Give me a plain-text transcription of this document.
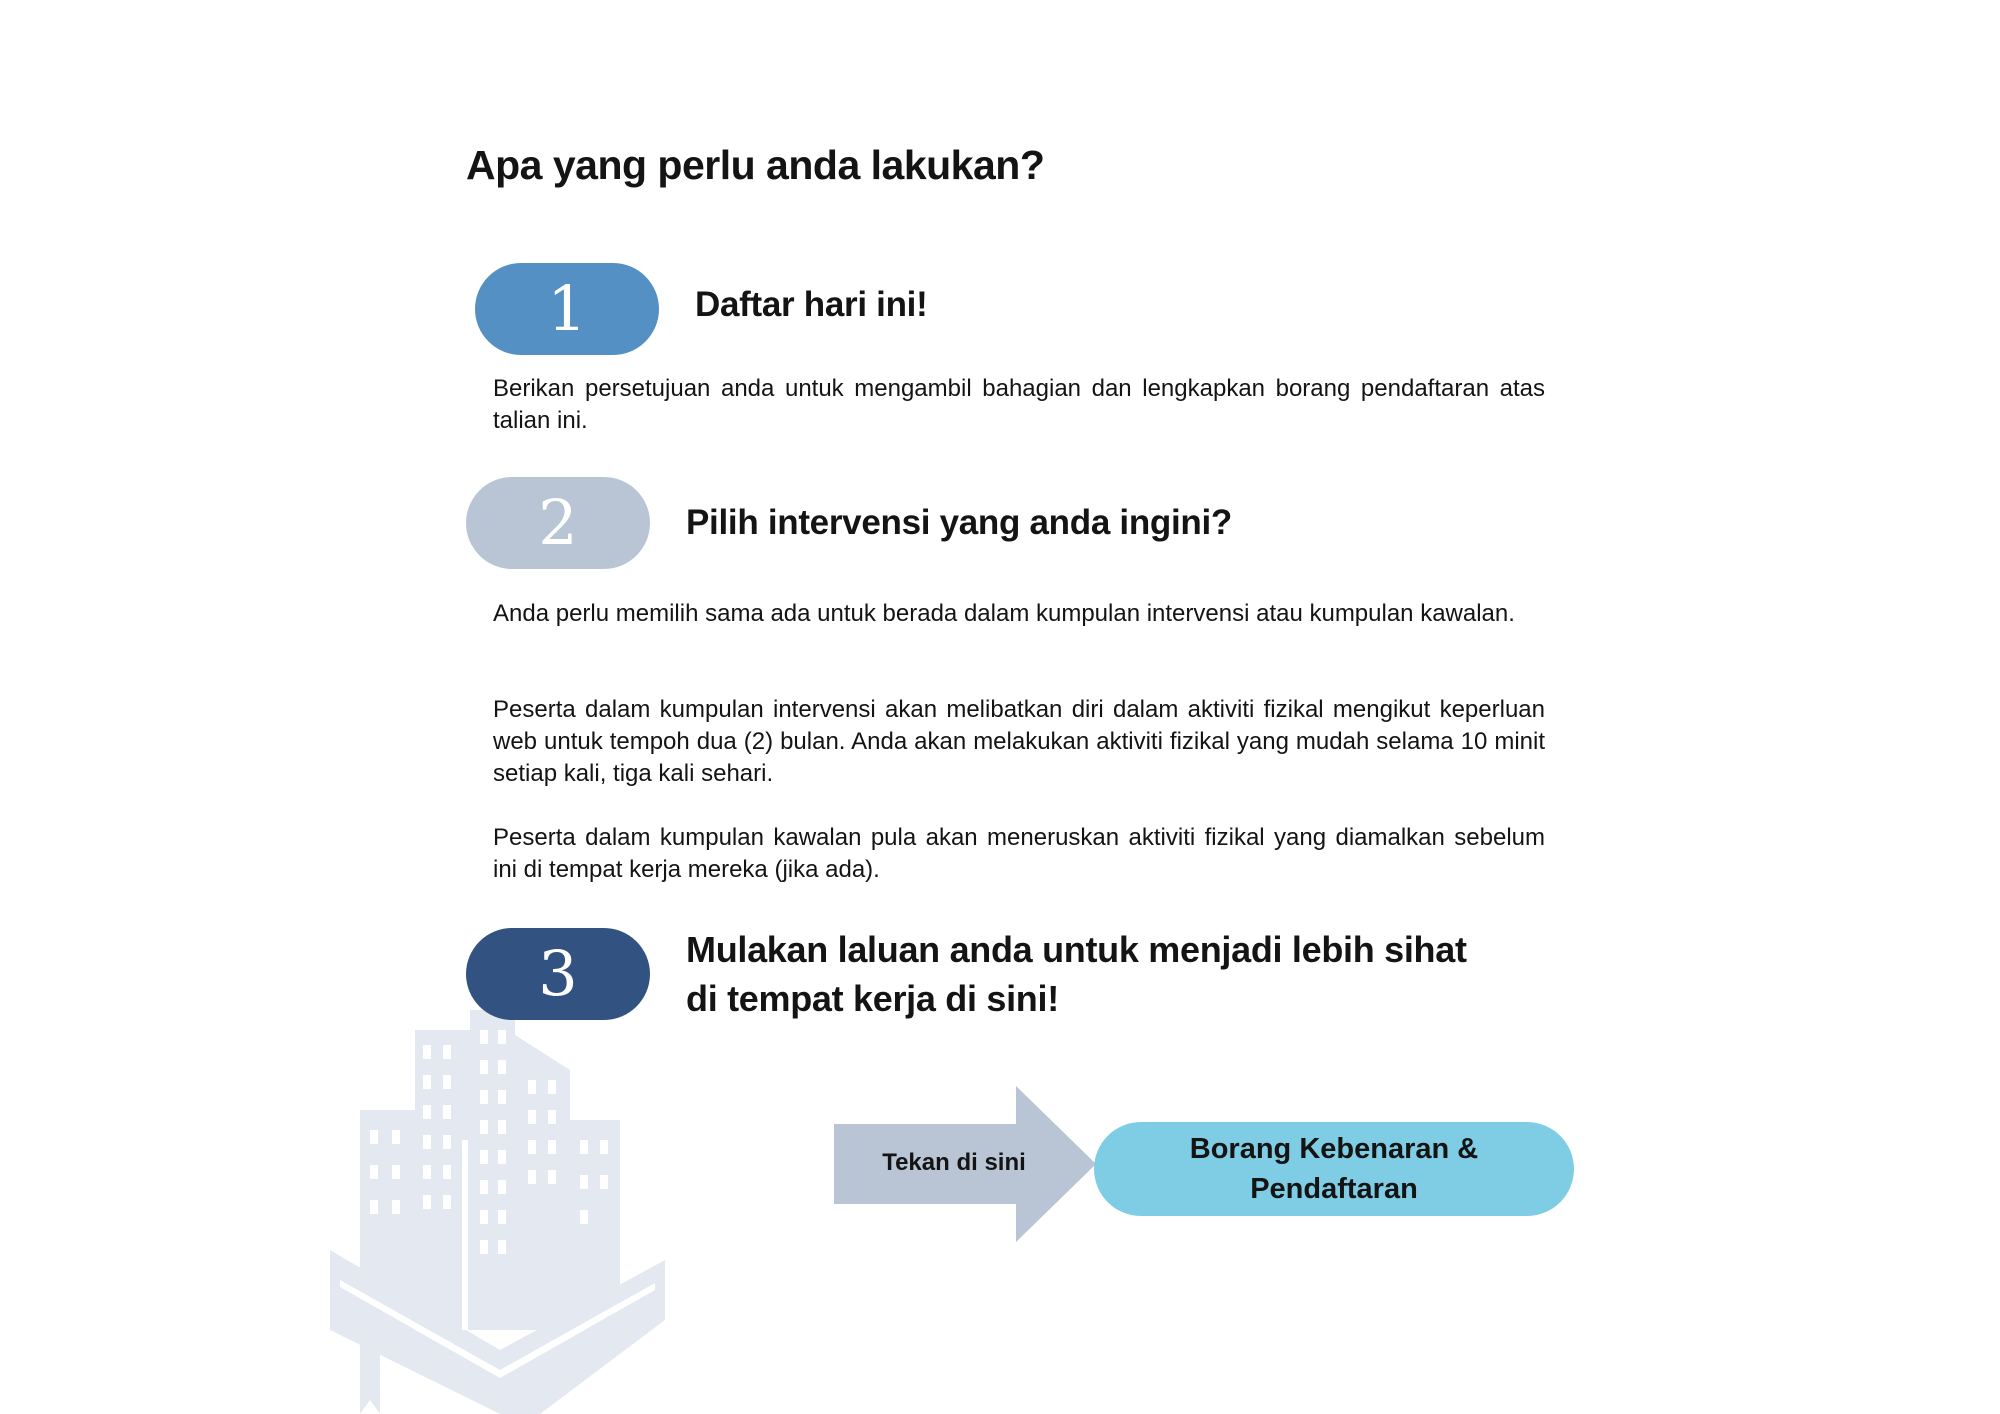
Apa yang perlu anda lakukan?
1	Daftar hari ini!

Berikan persetujuan anda untuk mengambil bahagian dan lengkapkan borang pendaftaran atas talian ini.

2	Pilih intervensi yang anda ingini?

Anda perlu memilih sama ada untuk berada dalam kumpulan intervensi atau kumpulan kawalan.

Peserta dalam kumpulan intervensi akan melibatkan diri dalam aktiviti fizikal mengikut keperluan web untuk tempoh dua (2) bulan. Anda akan melakukan aktiviti fizikal yang mudah selama 10 minit setiap kali, tiga kali sehari.

Peserta dalam kumpulan kawalan pula akan meneruskan aktiviti fizikal yang diamalkan sebelum ini di tempat kerja mereka (jika ada).

3	Mulakan laluan anda untuk menjadi lebih sihat
di tempat kerja di sini!
Tekan di sini	Borang Kebenaran &
Pendaftaran
